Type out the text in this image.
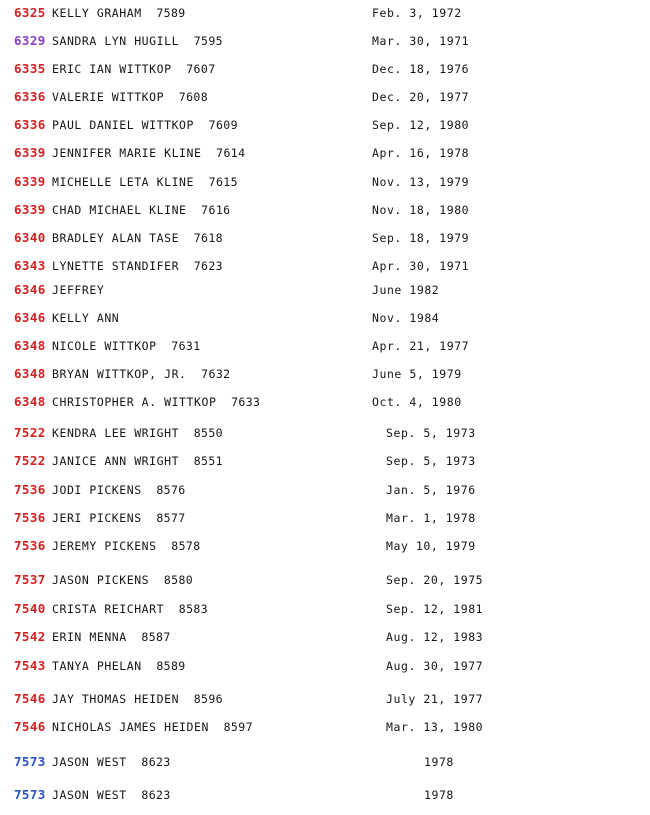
6325 KELLY GRAHAM  7589	Feb. 3, 1972
6329 SANDRA LYN HUGILL  7595	Mar. 30, 1971
6335 ERIC IAN WITTKOP  7607	Dec. 18, 1976
6336 VALERIE WITTKOP  7608	Dec. 20, 1977
6336 PAUL DANIEL WITTKOP  7609	Sep. 12, 1980
6339 JENNIFER MARIE KLINE  7614	Apr. 16, 1978
6339 MICHELLE LETA KLINE  7615	Nov. 13, 1979
6339 CHAD MICHAEL KLINE  7616	Nov. 18, 1980
6340 BRADLEY ALAN TASE  7618	Sep. 18, 1979
6343 LYNETTE STANDIFER  7623	Apr. 30, 1971
6346 JEFFREY	June 1982
6346 KELLY ANN	Nov. 1984
6348 NICOLE WITTKOP  7631	Apr. 21, 1977
6348 BRYAN WITTKOP, JR.  7632	June 5, 1979
6348 CHRISTOPHER A. WITTKOP  7633	Oct. 4, 1980
7522 KENDRA LEE WRIGHT  8550	Sep. 5, 1973
7522 JANICE ANN WRIGHT  8551	Sep. 5, 1973
7536 JODI PICKENS  8576	Jan. 5, 1976
7536 JERI PICKENS  8577	Mar. 1, 1978
7536 JEREMY PICKENS  8578	May 10, 1979
7537 JASON PICKENS  8580	Sep. 20, 1975
7540 CRISTA REICHART  8583	Sep. 12, 1981
7542 ERIN MENNA  8587	Aug. 12, 1983
7543 TANYA PHELAN  8589	Aug. 30, 1977
7546 JAY THOMAS HEIDEN  8596	July 21, 1977
7546 NICHOLAS JAMES HEIDEN  8597	Mar. 13, 1980
7573 JASON WEST  8623	1978
7573 JASON WEST  8623	1978
